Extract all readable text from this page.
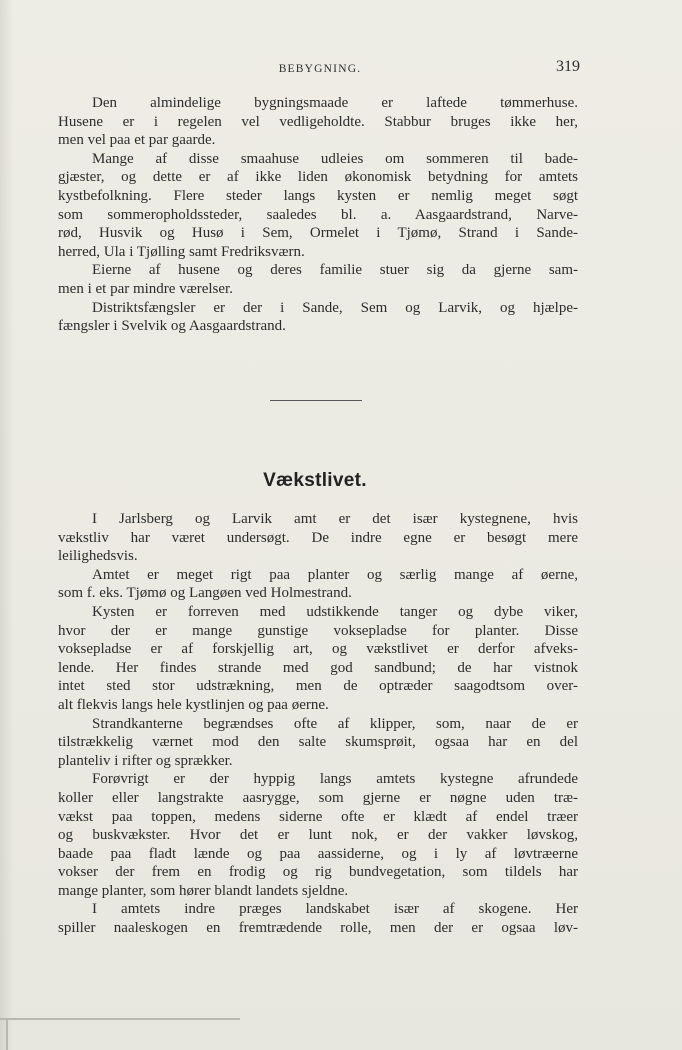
BEBYGNING.	319
Den almindelige bygningsmaade er laftede tømmerhuse.
Husene er i regelen vel vedligeholdte. Stabbur bruges ikke her,
men vel paa et par gaarde.
Mange af disse smaahuse udleies om sommeren til bade-
gjæster, og dette er af ikke liden økonomisk betydning for amtets
kystbefolkning. Flere steder langs kysten er nemlig meget søgt
som sommeropholdssteder, saaledes bl. a. Aasgaardstrand, Narve-
rød, Husvik og Husø i Sem, Ormelet i Tjømø, Strand i Sande-
herred, Ula i Tjølling samt Fredriksværn.
Eierne af husene og deres familie stuer sig da gjerne sam-
men i et par mindre værelser.
Distriktsfængsler er der i Sande, Sem og Larvik, og hjælpe-
fængsler i Svelvik og Aasgaardstrand.
Vækstlivet.
I Jarlsberg og Larvik amt er det især kystegnene, hvis
vækstliv har været undersøgt. De indre egne er besøgt mere
leilighedsvis.
Amtet er meget rigt paa planter og særlig mange af øerne,
som f. eks. Tjømø og Langøen ved Holmestrand.
Kysten er forreven med udstikkende tanger og dybe viker,
hvor der er mange gunstige voksepladse for planter. Disse
voksepladse er af forskjellig art, og vækstlivet er derfor afveks-
lende. Her findes strande med god sandbund; de har vistnok
intet sted stor udstrækning, men de optræder saagodtsom over-
alt flekvis langs hele kystlinjen og paa øerne.
Strandkanterne begrændses ofte af klipper, som, naar de er
tilstrækkelig værnet mod den salte skumsprøit, ogsaa har en del
planteliv i rifter og sprækker.
Forøvrigt er der hyppig langs amtets kystegne afrundede
koller eller langstrakte aasrygge, som gjerne er nøgne uden træ-
vækst paa toppen, medens siderne ofte er klædt af endel træer
og buskvækster. Hvor det er lunt nok, er der vakker løvskog,
baade paa fladt lænde og paa aassiderne, og i ly af løvtræerne
vokser der frem en frodig og rig bundvegetation, som tildels har
mange planter, som hører blandt landets sjeldne.
I amtets indre præges landskabet især af skogene. Her
spiller naaleskogen en fremtrædende rolle, men der er ogsaa løv-
